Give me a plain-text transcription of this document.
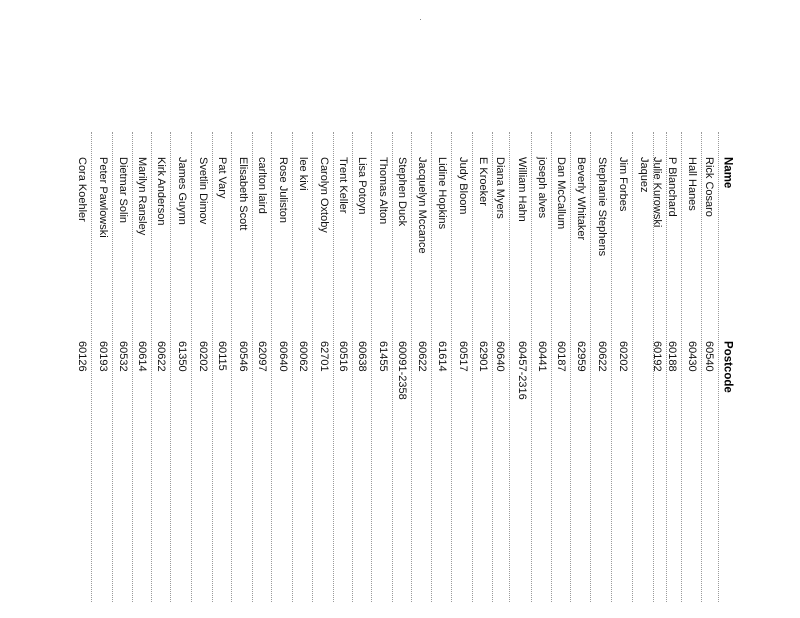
Name
Postcode
Rick Cosaro
60540
Hall Hanes
60430
P Blanchard
60188
Julie Kurowski
60192
Jaquez
Jim Forbes
60202
Stephanie Stephens
60622
Beverly Whitaker
62959
Dan McCallum
60187
joseph alves
60441
William Hahn
60457-2316
Diana Myers
60640
E Kroeker
62901
Judy Bloom
60517
Lidine Hopkins
61614
Jacquelyn Mccance
60622
Stephen Duck
60091-2358
Thomas Alton
61455
Lisa Potoyn
60638
Trent Keller
60516
Carolyn Oxtoby
62701
lee kivi
60062
Rose Juliston
60640
carlton laird
62097
Elisabeth Scott
60546
Pat Vary
60115
Svetlin Dimov
60202
James Guynn
61350
Kirk Anderson
60622
Marilyn Ransley
60614
Dietmar Solin
60532
Peter Pawlowski
60193
Cora Koehler
60126
